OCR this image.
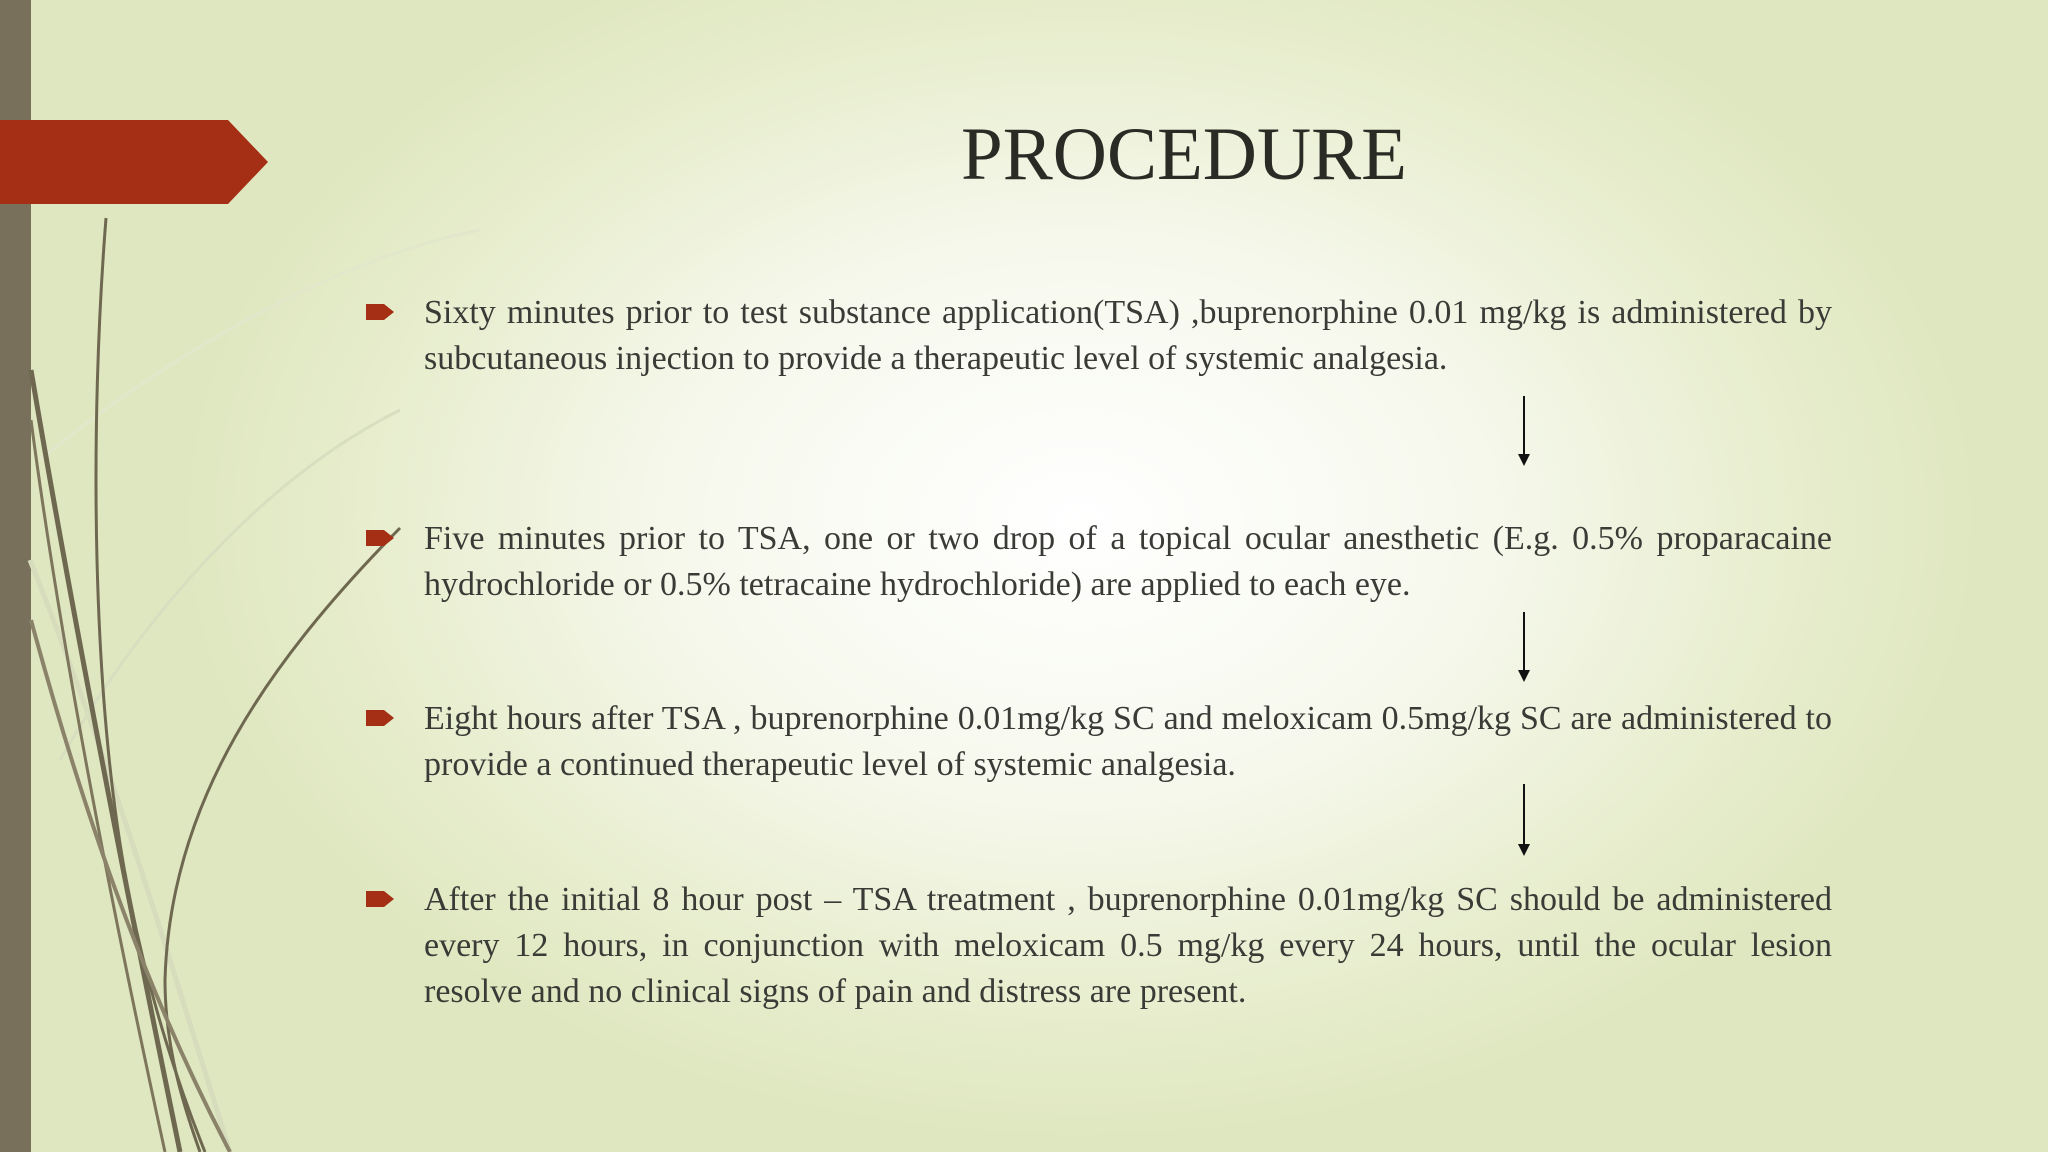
PROCEDURE
Sixty minutes prior to test substance application(TSA) ,buprenorphine 0.01 mg/kg is administered by subcutaneous injection to provide a therapeutic level of systemic analgesia.
Five minutes prior to TSA, one or two drop of a topical ocular anesthetic (E.g. 0.5% proparacaine hydrochloride or 0.5% tetracaine hydrochloride) are applied to each eye.
Eight hours after TSA , buprenorphine 0.01mg/kg SC and meloxicam 0.5mg/kg SC are administered to provide a continued therapeutic level of systemic analgesia.
After the initial 8 hour post – TSA treatment , buprenorphine 0.01mg/kg SC should be administered every 12 hours, in conjunction with meloxicam 0.5 mg/kg every 24 hours, until the ocular lesion resolve and no clinical signs of pain and distress are present.
